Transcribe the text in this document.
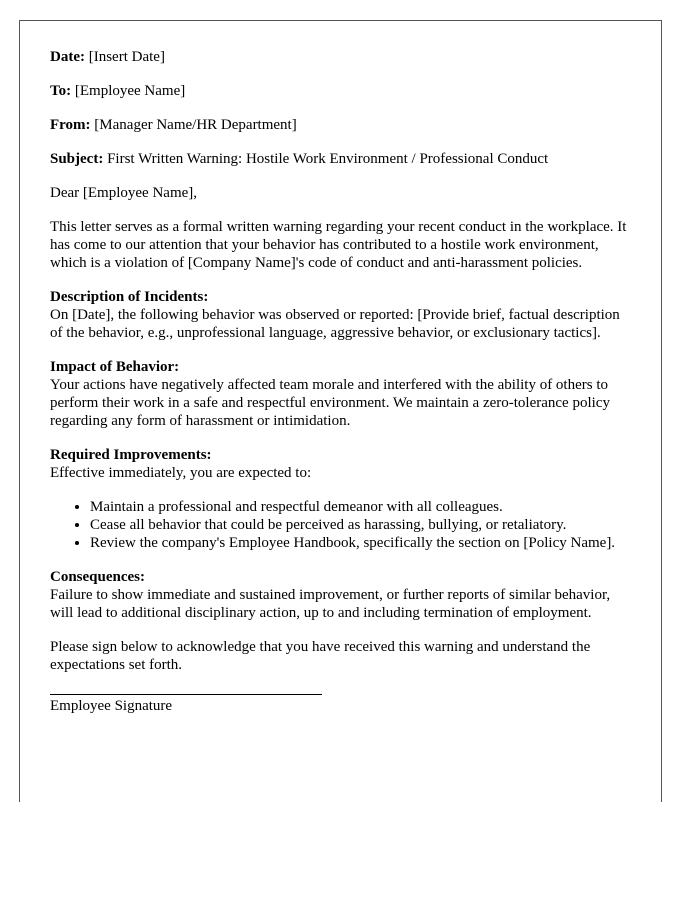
Date: [Insert Date]
To: [Employee Name]
From: [Manager Name/HR Department]
Subject: First Written Warning: Hostile Work Environment / Professional Conduct

Dear [Employee Name],

This letter serves as a formal written warning regarding your recent conduct in the workplace. It has come to our attention that your behavior has contributed to a hostile work environment, which is a violation of [Company Name]'s code of conduct and anti-harassment policies.

Description of Incidents:
On [Date], the following behavior was observed or reported: [Provide brief, factual description of the behavior, e.g., unprofessional language, aggressive behavior, or exclusionary tactics].
Impact of Behavior:
Your actions have negatively affected team morale and interfered with the ability of others to perform their work in a safe and respectful environment. We maintain a zero-tolerance policy regarding any form of harassment or intimidation.
Required Improvements:
Effective immediately, you are expected to:
• Maintain a professional and respectful demeanor with all colleagues.
• Cease all behavior that could be perceived as harassing, bullying, or retaliatory.
• Review the company's Employee Handbook, specifically the section on [Policy Name].
Consequences:
Failure to show immediate and sustained improvement, or further reports of similar behavior, will lead to additional disciplinary action, up to and including termination of employment.

Please sign below to acknowledge that you have received this warning and understand the expectations set forth.

Employee Signature
